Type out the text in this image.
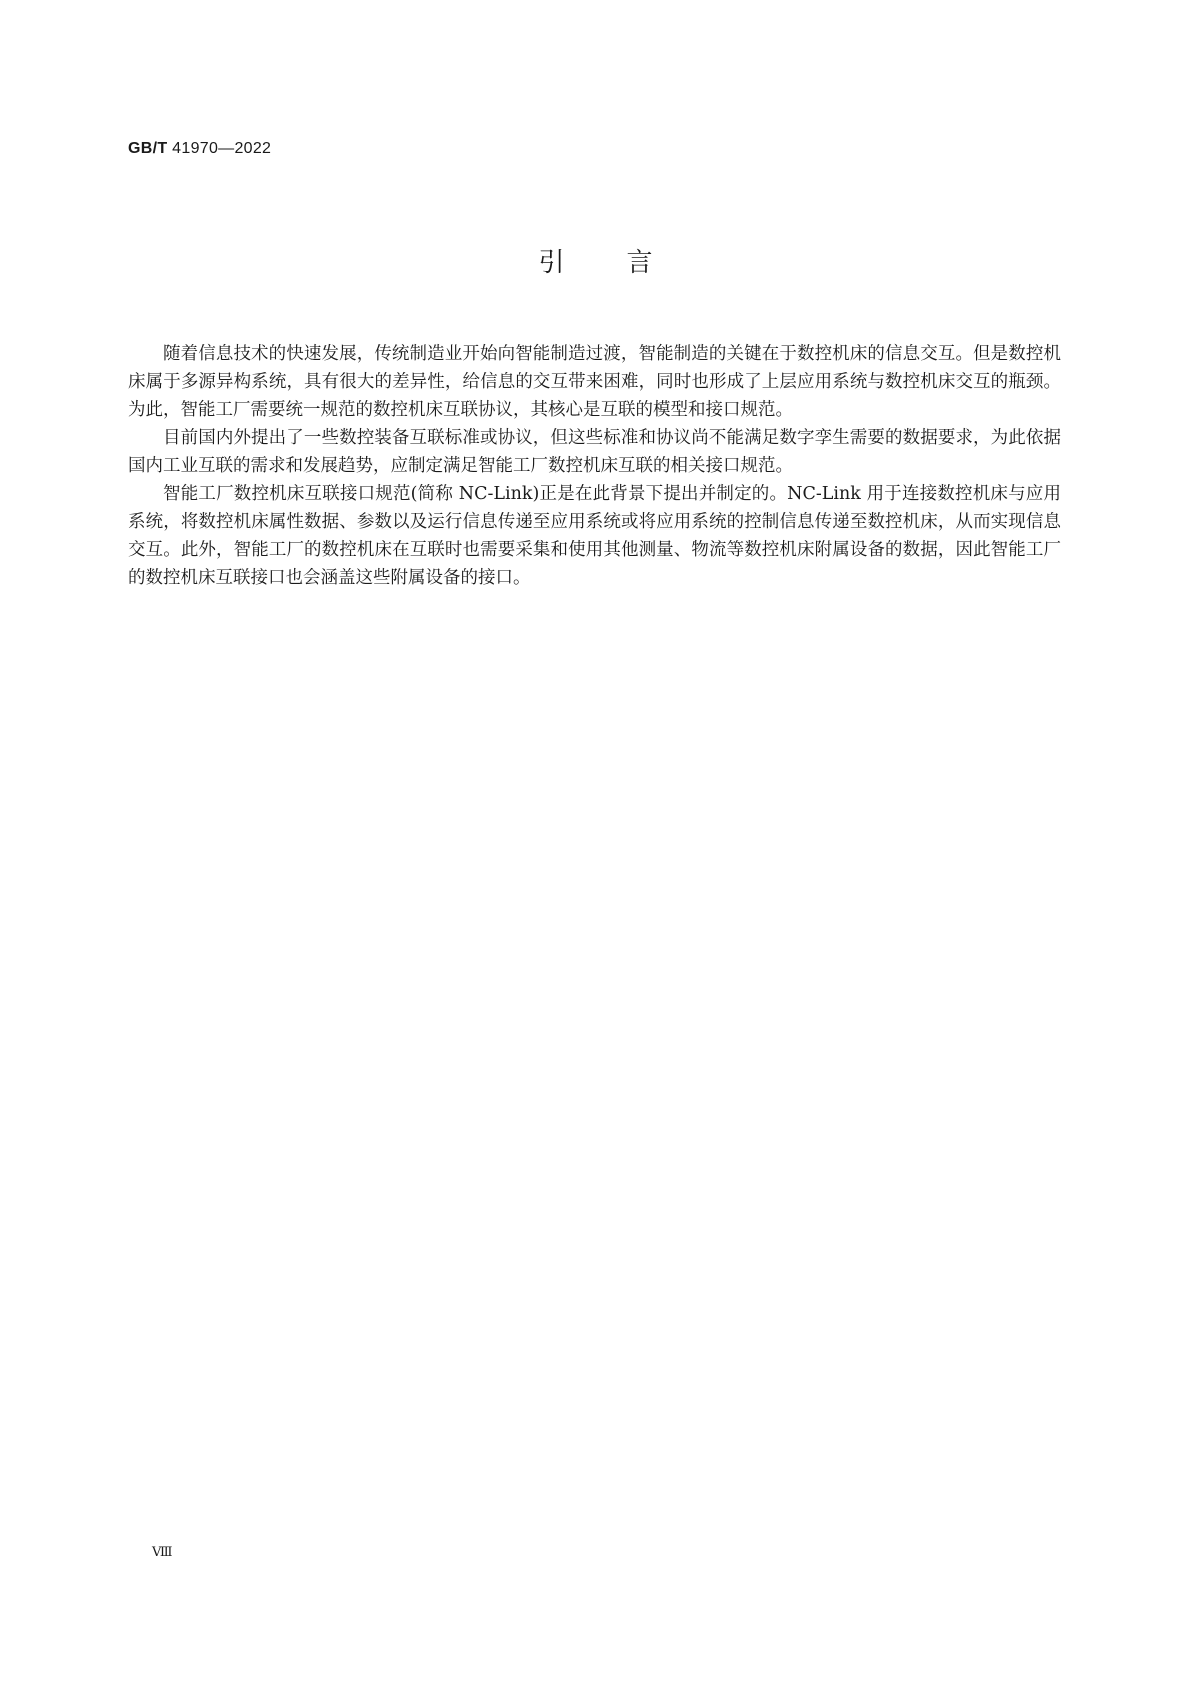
GB/T 41970—2022
引言

随着信息技术的快速发展，传统制造业开始向智能制造过渡，智能制造的关键在于数控机床的信息交互。但是数控机床属于多源异构系统，具有很大的差异性，给信息的交互带来困难，同时也形成了上层应用系统与数控机床交互的瓶颈。为此，智能工厂需要统一规范的数控机床互联协议，其核心是互联的模型和接口规范。

目前国内外提出了一些数控装备互联标准或协议，但这些标准和协议尚不能满足数字孪生需要的数据要求，为此依据国内工业互联的需求和发展趋势，应制定满足智能工厂数控机床互联的相关接口规范。

智能工厂数控机床互联接口规范(简称 NC-Link)正是在此背景下提出并制定的。NC-Link 用于连接数控机床与应用系统，将数控机床属性数据、参数以及运行信息传递至应用系统或将应用系统的控制信息传递至数控机床，从而实现信息交互。此外，智能工厂的数控机床在互联时也需要采集和使用其他测量、物流等数控机床附属设备的数据，因此智能工厂的数控机床互联接口也会涵盖这些附属设备的接口。

Ⅷ
